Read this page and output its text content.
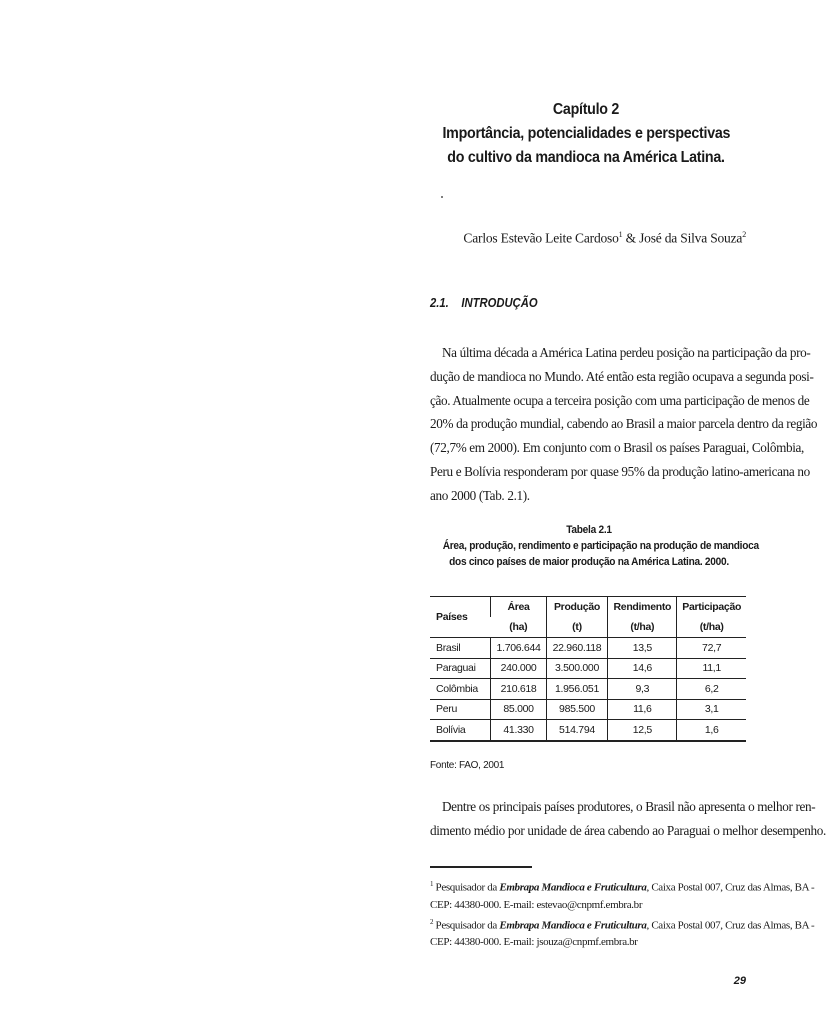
Capítulo 2
Importância, potencialidades e perspectivas
do cultivo da mandioca na América Latina.
Carlos Estevão Leite Cardoso$^1$ & José da Silva Souza$^2$
2.1. INTRODUÇÃO
Na última década a América Latina perdeu posição na participação da pro-
dução de mandioca no Mundo. Até então esta região ocupava a segunda posi-
ção. Atualmente ocupa a terceira posição com uma participação de menos de
20% da produção mundial, cabendo ao Brasil a maior parcela dentro da região
(72,7% em 2000). Em conjunto com o Brasil os países Paraguai, Colômbia,
Peru e Bolívia responderam por quase 95% da produção latino-americana no
ano 2000 (Tab. 2.1).
Tabela 2.1
Área, produção, rendimento e participação na produção de mandioca
dos cinco países de maior produção na América Latina. 2000.
Países	Área	Produção	Rendimento	Participação
	(ha)	(t)	(t/ha)	(t/ha)
Brasil	1.706.644	22.960.118	13,5	72,7
Paraguai	240.000	3.500.000	14,6	11,1
Colômbia	210.618	1.956.051	9,3	6,2
Peru	85.000	985.500	11,6	3,1
Bolívia	41.330	514.794	12,5	1,6
Fonte: FAO, 2001
Dentre os principais países produtores, o Brasil não apresenta o melhor ren-
dimento médio por unidade de área cabendo ao Paraguai o melhor desempenho.
$^1$ Pesquisador da Embrapa Mandioca e Fruticultura, Caixa Postal 007, Cruz das Almas, BA -
CEP: 44380-000. E-mail: estevao@cnpmf.embra.br
$^2$ Pesquisador da Embrapa Mandioca e Fruticultura, Caixa Postal 007, Cruz das Almas, BA -
CEP: 44380-000. E-mail: jsouza@cnpmf.embra.br
29
